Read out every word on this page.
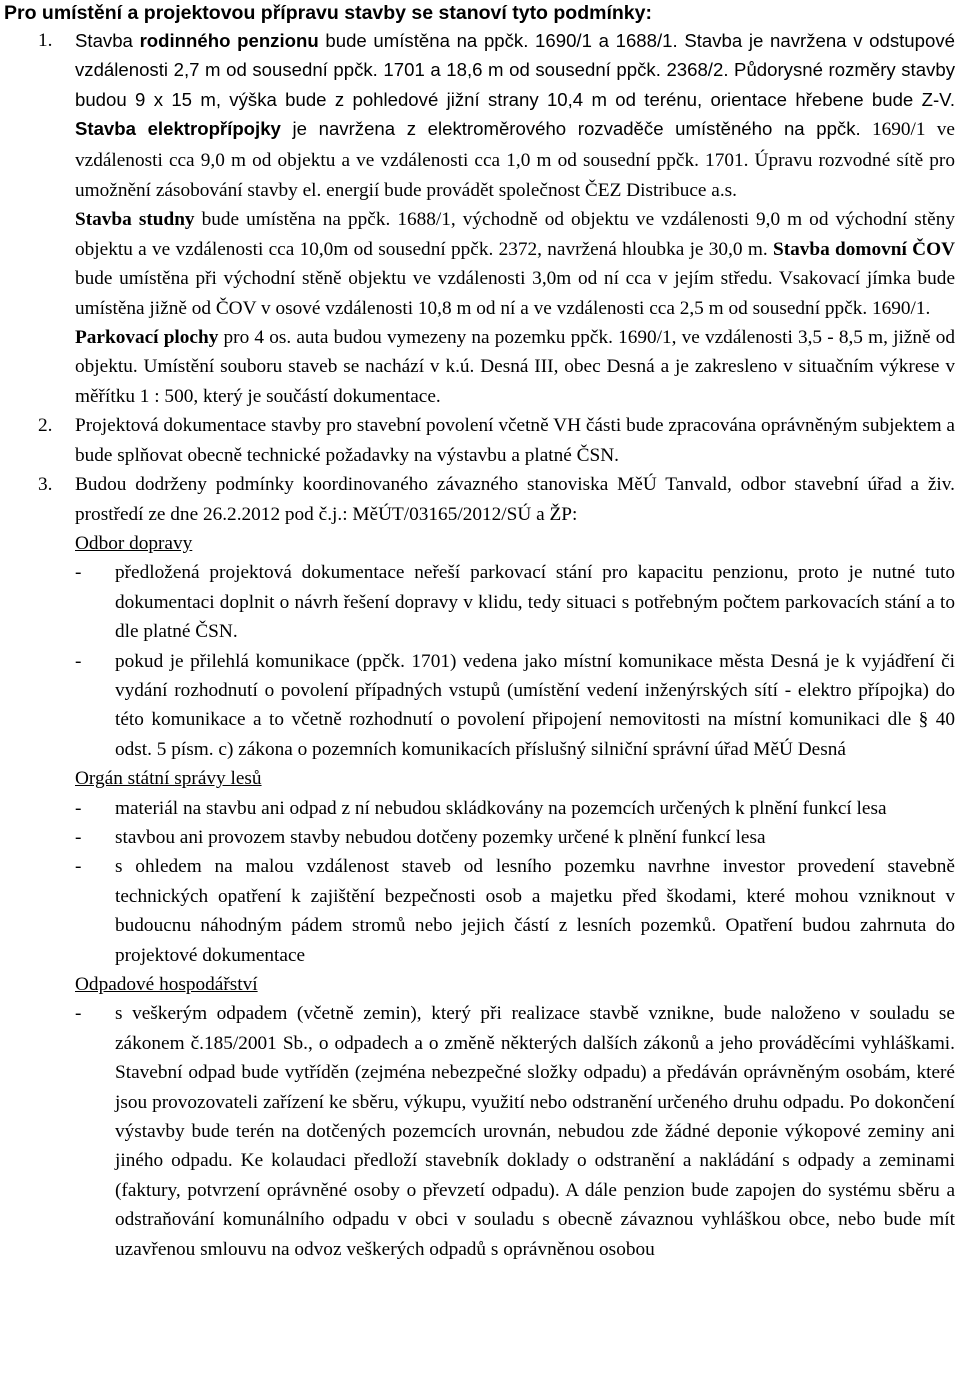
Pro umístění a projektovou přípravu stavby se stanoví tyto podmínky:
1. Stavba rodinného penzionu bude umístěna na ppčk. 1690/1 a 1688/1. Stavba je navržena v odstupové vzdálenosti 2,7 m od sousední ppčk. 1701 a 18,6 m od sousední ppčk. 2368/2. Půdorysné rozměry stavby budou 9 x 15 m, výška bude z pohledové jižní strany 10,4 m od terénu, orientace hřebene bude Z-V. Stavba elektropřípojky je navržena z elektroměrového rozvaděče umístěného na ppčk. 1690/1 ve vzdálenosti cca 9,0 m od objektu a ve vzdálenosti cca 1,0 m od sousední ppčk. 1701. Úpravu rozvodné sítě pro umožnění zásobování stavby el. energií bude provádět společnost ČEZ Distribuce a.s.

Stavba studny bude umístěna na ppčk. 1688/1, východně od objektu ve vzdálenosti 9,0 m od východní stěny objektu a ve vzdálenosti cca 10,0m od sousední ppčk. 2372, navržená hloubka je 30,0 m. Stavba domovní ČOV bude umístěna při východní stěně objektu ve vzdálenosti 3,0m od ní cca v jejím středu. Vsakovací jímka bude umístěna jižně od ČOV v osové vzdálenosti 10,8 m od ní a ve vzdálenosti cca 2,5 m od sousední ppčk. 1690/1.

Parkovací plochy pro 4 os. auta budou vymezeny na pozemku ppčk. 1690/1, ve vzdálenosti 3,5 - 8,5 m, jižně od objektu. Umístění souboru staveb se nachází v k.ú. Desná III, obec Desná a je zakresleno v situačním výkrese v měřítku 1 : 500, který je součástí dokumentace.

2. Projektová dokumentace stavby pro stavební povolení včetně VH části bude zpracována oprávněným subjektem a bude splňovat obecně technické požadavky na výstavbu a platné ČSN.

3. Budou dodrženy podmínky koordinovaného závazného stanoviska MěÚ Tanvald, odbor stavební úřad a živ. prostředí ze dne 26.2.2012 pod č.j.: MěÚT/03165/2012/SÚ a ŽP:

Odbor dopravy
- předložená projektová dokumentace neřeší parkovací stání pro kapacitu penzionu, proto je nutné tuto dokumentaci doplnit o návrh řešení dopravy v klidu, tedy situaci s potřebným počtem parkovacích stání a to dle platné ČSN.
- pokud je přilehlá komunikace (ppčk. 1701) vedena jako místní komunikace města Desná je k vyjádření či vydání rozhodnutí o povolení případných vstupů (umístění vedení inženýrských sítí - elektro přípojka) do této komunikace a to včetně rozhodnutí o povolení připojení nemovitosti na místní komunikaci dle § 40 odst. 5 písm. c) zákona o pozemních komunikacích příslušný silniční správní úřad MěÚ Desná
Orgán státní správy lesů
- materiál na stavbu ani odpad z ní nebudou skládkovány na pozemcích určených k plnění funkcí lesa
- stavbou ani provozem stavby nebudou dotčeny pozemky určené k plnění funkcí lesa
- s ohledem na malou vzdálenost staveb od lesního pozemku navrhne investor provedení stavebně technických opatření k zajištění bezpečnosti osob a majetku před škodami, které mohou vzniknout v budoucnu náhodným pádem stromů nebo jejich částí z lesních pozemků. Opatření budou zahrnuta do projektové dokumentace
Odpadové hospodářství
- s veškerým odpadem (včetně zemin), který při realizace stavbě vznikne, bude naloženo v souladu se zákonem č.185/2001 Sb., o odpadech a o změně některých dalších zákonů a jeho prováděcími vyhláškami. Stavební odpad bude vytříděn (zejména nebezpečné složky odpadu) a předáván oprávněným osobám, které jsou provozovateli zařízení ke sběru, výkupu, využití nebo odstranění určeného druhu odpadu. Po dokončení výstavby bude terén na dotčených pozemcích urovnán, nebudou zde žádné deponie výkopové zeminy ani jiného odpadu. Ke kolaudaci předloží stavebník doklady o odstranění a nakládání s odpady a zeminami (faktury, potvrzení oprávněné osoby o převzetí odpadu). A dále penzion bude zapojen do systému sběru a odstraňování komunálního odpadu v obci v souladu s obecně závaznou vyhláškou obce, nebo bude mít uzavřenou smlouvu na odvoz veškerých odpadů s oprávněnou osobou
